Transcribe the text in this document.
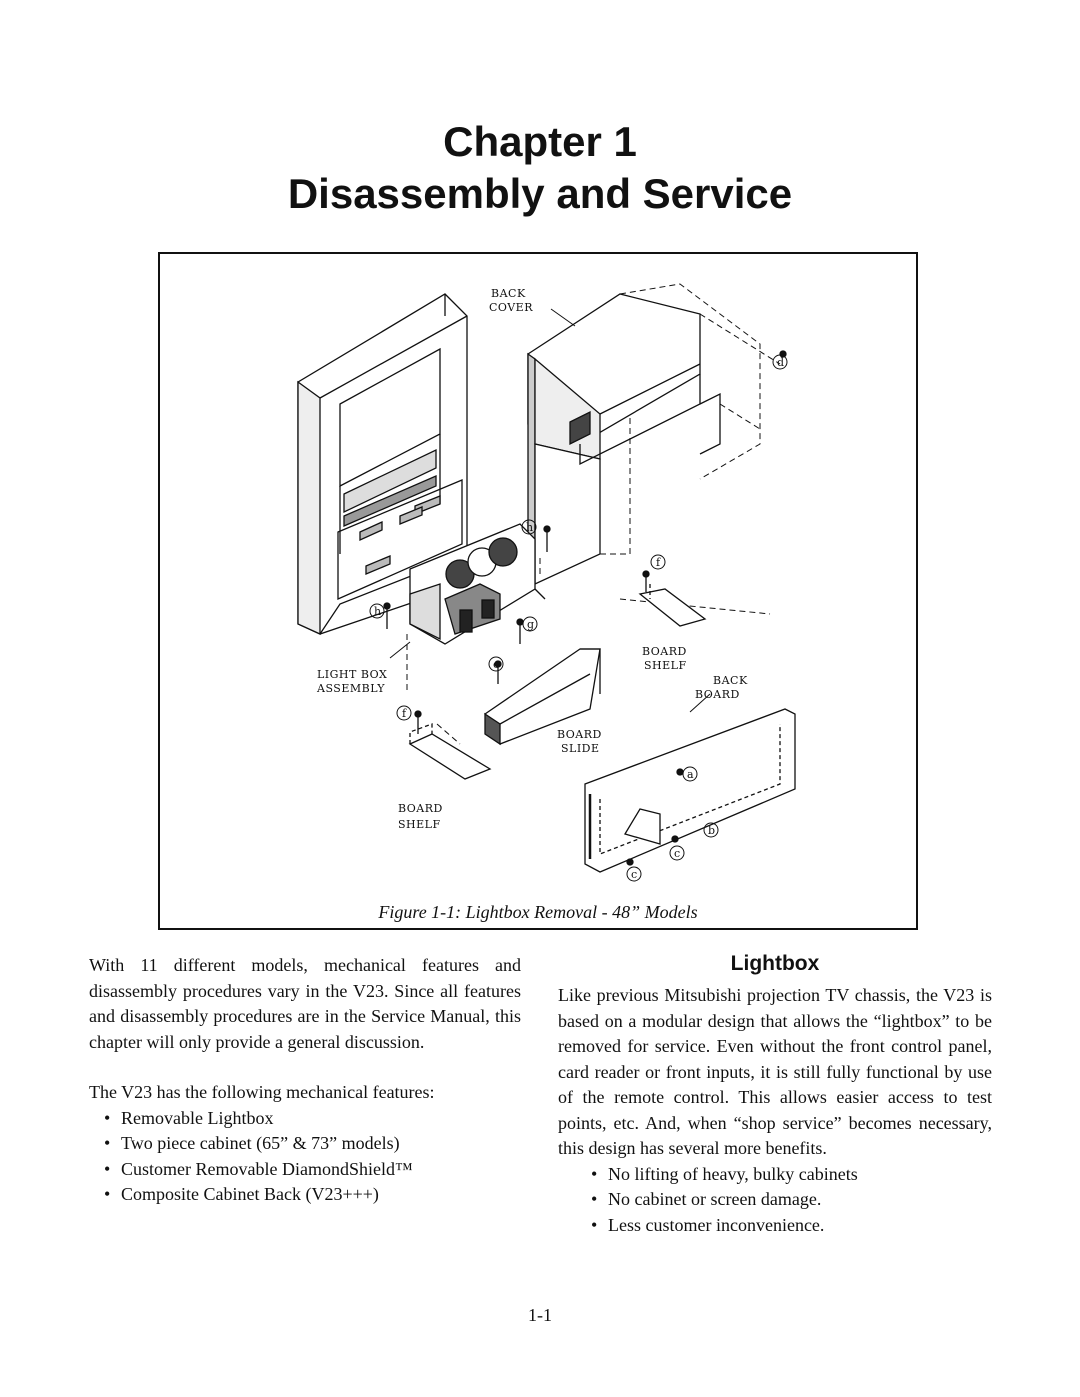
Chapter 1
Disassembly and Service
d
h
h
g
f
e
f
a
b
c
c
BACK
COVER
LIGHT BOX
ASSEMBLY
BOARD
SHELF
BACK
BOARD
BOARD
SLIDE
BOARD
SHELF
Figure 1-1: Lightbox Removal - 48” Models

With 11 different models, mechanical features and disassembly procedures vary in the V23. Since all features and disassembly procedures are in the Service Manual, this chapter will only provide a general discussion.

The V23 has the following mechanical features:

• Removable Lightbox
• Two piece cabinet (65” & 73” models)
• Customer Removable DiamondShield™
• Composite Cabinet Back (V23+++)
Lightbox

Like previous Mitsubishi projection TV chassis, the V23 is based on a modular design that allows the “lightbox” to be removed for service. Even without the front control panel, card reader or front inputs, it is still fully functional by use of the remote control. This allows easier access to test points, etc. And, when “shop service” becomes necessary, this design has several more benefits.

• No lifting of heavy, bulky cabinets
• No cabinet or screen damage.
• Less customer inconvenience.
1-1
